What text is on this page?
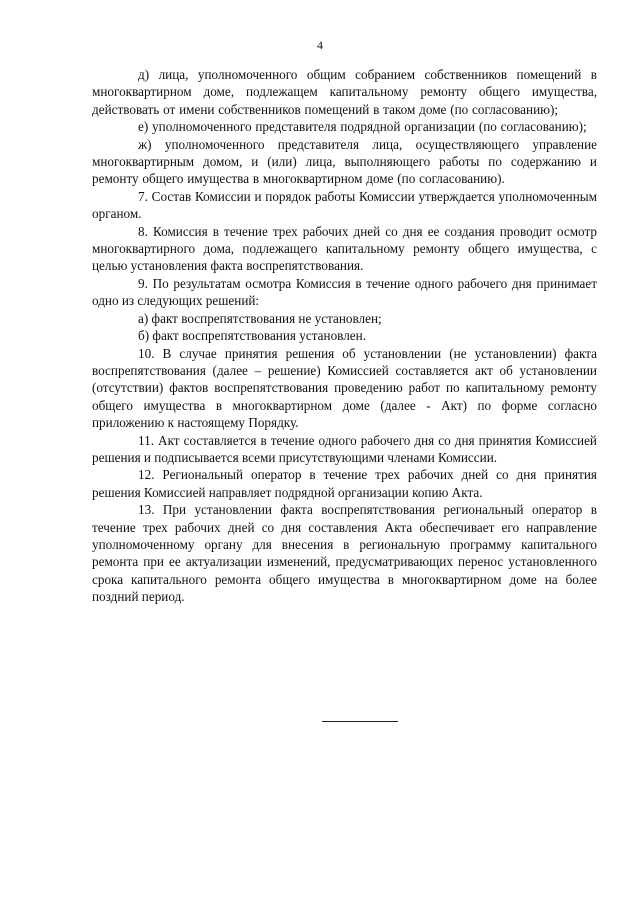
4

д) лица, уполномоченного общим собранием собственников помещений в многоквартирном доме, подлежащем капитальному ремонту общего имущества, действовать от имени собственников помещений в таком доме (по согласованию);

е) уполномоченного представителя подрядной организации (по согласованию);

ж) уполномоченного представителя лица, осуществляющего управление многоквартирным домом, и (или) лица, выполняющего работы по содержанию и ремонту общего имущества в многоквартирном доме (по согласованию).

7. Состав Комиссии и порядок работы Комиссии утверждается уполномоченным органом.

8. Комиссия в течение трех рабочих дней со дня ее создания проводит осмотр многоквартирного дома, подлежащего капитальному ремонту общего имущества, с целью установления факта воспрепятствования.

9. По результатам осмотра Комиссия в течение одного рабочего дня принимает одно из следующих решений:

а) факт воспрепятствования не установлен;

б) факт воспрепятствования установлен.

10. В случае принятия решения об установлении (не установлении) факта воспрепятствования (далее – решение) Комиссией составляется акт об установлении (отсутствии) фактов воспрепятствования проведению работ по капитальному ремонту общего имущества в многоквартирном доме (далее - Акт) по форме согласно приложению к настоящему Порядку.

11. Акт составляется в течение одного рабочего дня со дня принятия Комиссией решения и подписывается всеми присутствующими членами Комиссии.

12. Региональный оператор в течение трех рабочих дней со дня принятия решения Комиссией направляет подрядной организации копию Акта.

13. При установлении факта воспрепятствования региональный оператор в течение трех рабочих дней со дня составления Акта обеспечивает его направление уполномоченному органу для внесения в региональную программу капитального ремонта при ее актуализации изменений, предусматривающих перенос установленного срока капитального ремонта общего имущества в многоквартирном доме на более поздний период.
